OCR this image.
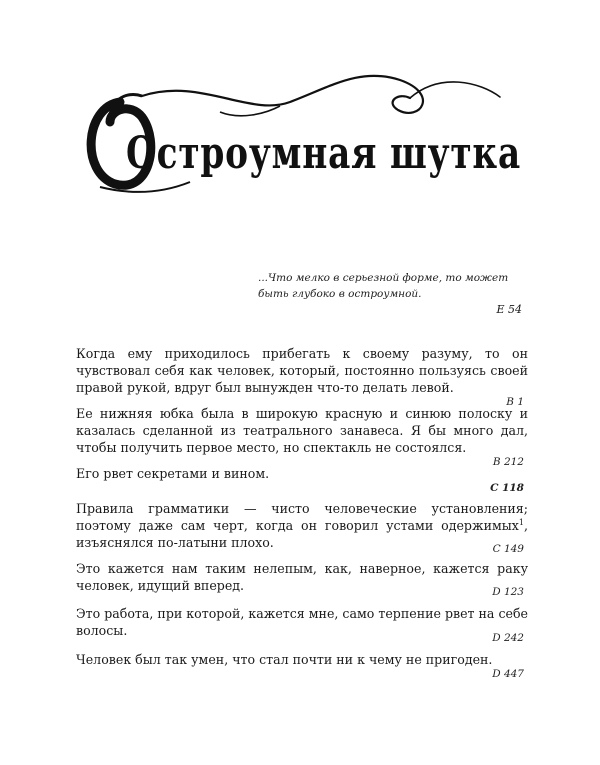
Остроумная шутка
...Что мелко в серьезной форме, то может быть глубоко в остроумной.
E 54
Когда ему приходилось прибегать к своему разуму, то он чувствовал себя как человек, который, постоянно пользуясь своей правой рукой, вдруг был вынужден что-то делать левой.
B 1
Ее нижняя юбка была в широкую красную и синюю полоску и казалась сделанной из театрального занавеса. Я бы много дал, чтобы получить первое место, но спектакль не состоялся.
B 212
Его рвет секретами и вином.
C 118
Правила грамматики — чисто человеческие установления; поэтому даже сам черт, когда он говорил устами одержимых$^1$, изъяснялся по-латыни плохо.	C 149
Это кажется нам таким нелепым, как, наверное, кажется раку человек, идущий вперед.	D 123
Это работа, при которой, кажется мне, само терпение рвет на себе волосы.	D 242
Человек был так умен, что стал почти ни к чему не пригоден.
D 447
